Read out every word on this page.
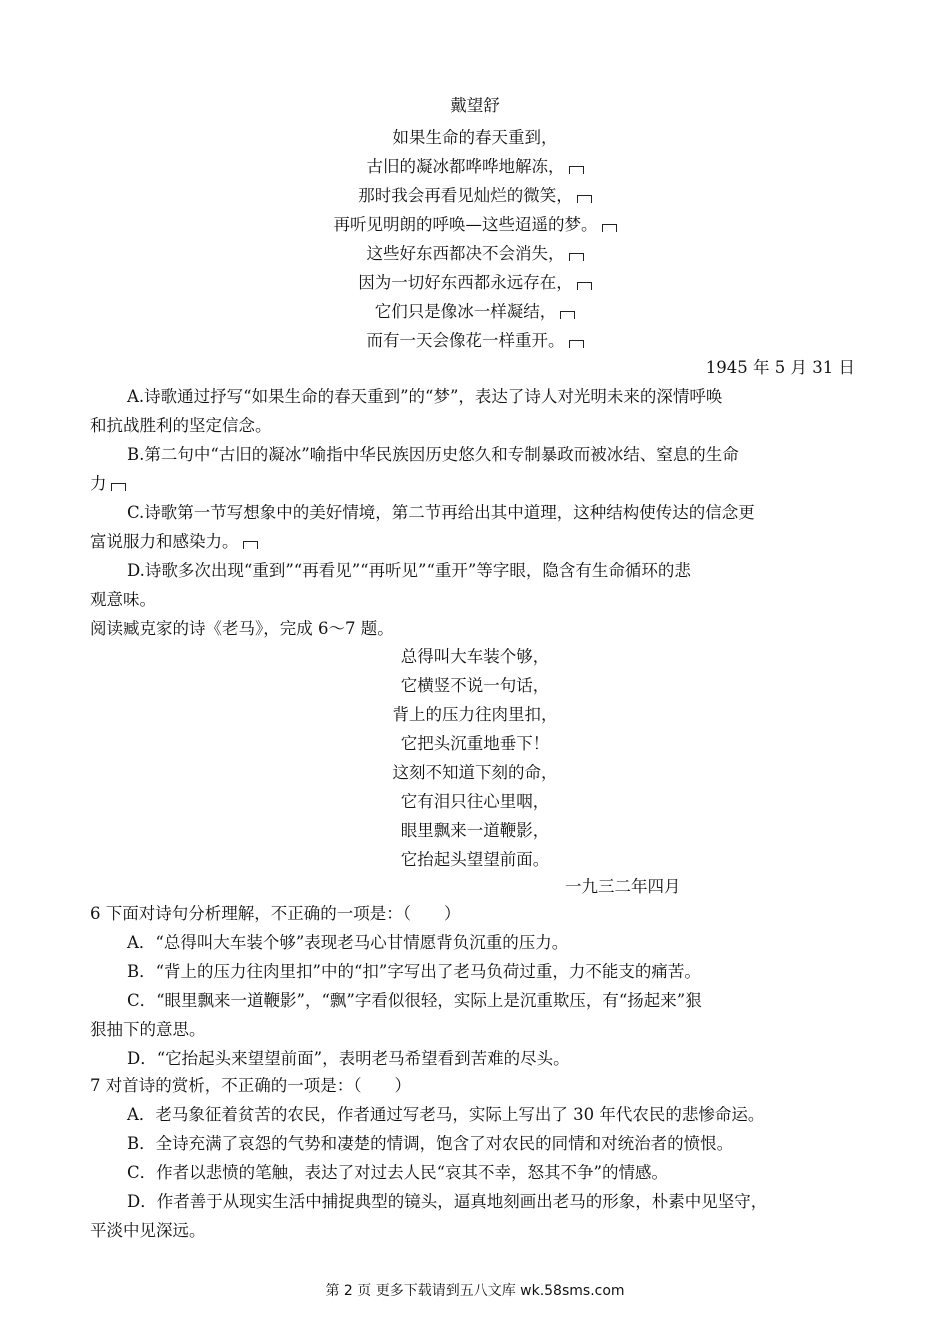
戴望舒
如果生命的春天重到，
古旧的凝冰都哗哗地解冻，
那时我会再看见灿烂的微笑，
再听见明朗的呼唤—这些迢遥的梦。
这些好东西都决不会消失，
因为一切好东西都永远存在，
它们只是像冰一样凝结，
而有一天会像花一样重开。
1945 年 5 月 31 日
A.诗歌通过抒写“如果生命的春天重到”的“梦”，表达了诗人对光明未来的深情呼唤
和抗战胜利的坚定信念。
B.第二句中“古旧的凝冰”喻指中华民族因历史悠久和专制暴政而被冰结、窒息的生命
力
C.诗歌第一节写想象中的美好情境，第二节再给出其中道理，这种结构使传达的信念更
富说服力和感染力。
D.诗歌多次出现“重到”“再看见”“再听见”“重开”等字眼，隐含有生命循环的悲
观意味。
阅读臧克家的诗《老马》，完成 6～7 题。
总得叫大车装个够，
它横竖不说一句话，
背上的压力往肉里扣，
它把头沉重地垂下！
这刻不知道下刻的命，
它有泪只往心里咽，
眼里飘来一道鞭影，
它抬起头望望前面。
一九三二年四月
6 下面对诗句分析理解，不正确的一项是：（　　）
A．“总得叫大车装个够”表现老马心甘情愿背负沉重的压力。
B．“背上的压力往肉里扣”中的“扣”字写出了老马负荷过重，力不能支的痛苦。
C．“眼里飘来一道鞭影”，“飘”字看似很轻，实际上是沉重欺压，有“扬起来”狠
狠抽下的意思。
D．“它抬起头来望望前面”，表明老马希望看到苦难的尽头。
7 对首诗的赏析，不正确的一项是：（　　）
A．老马象征着贫苦的农民，作者通过写老马，实际上写出了 30 年代农民的悲惨命运。
B．全诗充满了哀怨的气势和凄楚的情调，饱含了对农民的同情和对统治者的愤恨。
C．作者以悲愤的笔触，表达了对过去人民“哀其不幸，怒其不争”的情感。
D．作者善于从现实生活中捕捉典型的镜头，逼真地刻画出老马的形象，朴素中见坚守，
平淡中见深远。
第 2 页 更多下载请到五八文库 wk.58sms.com
